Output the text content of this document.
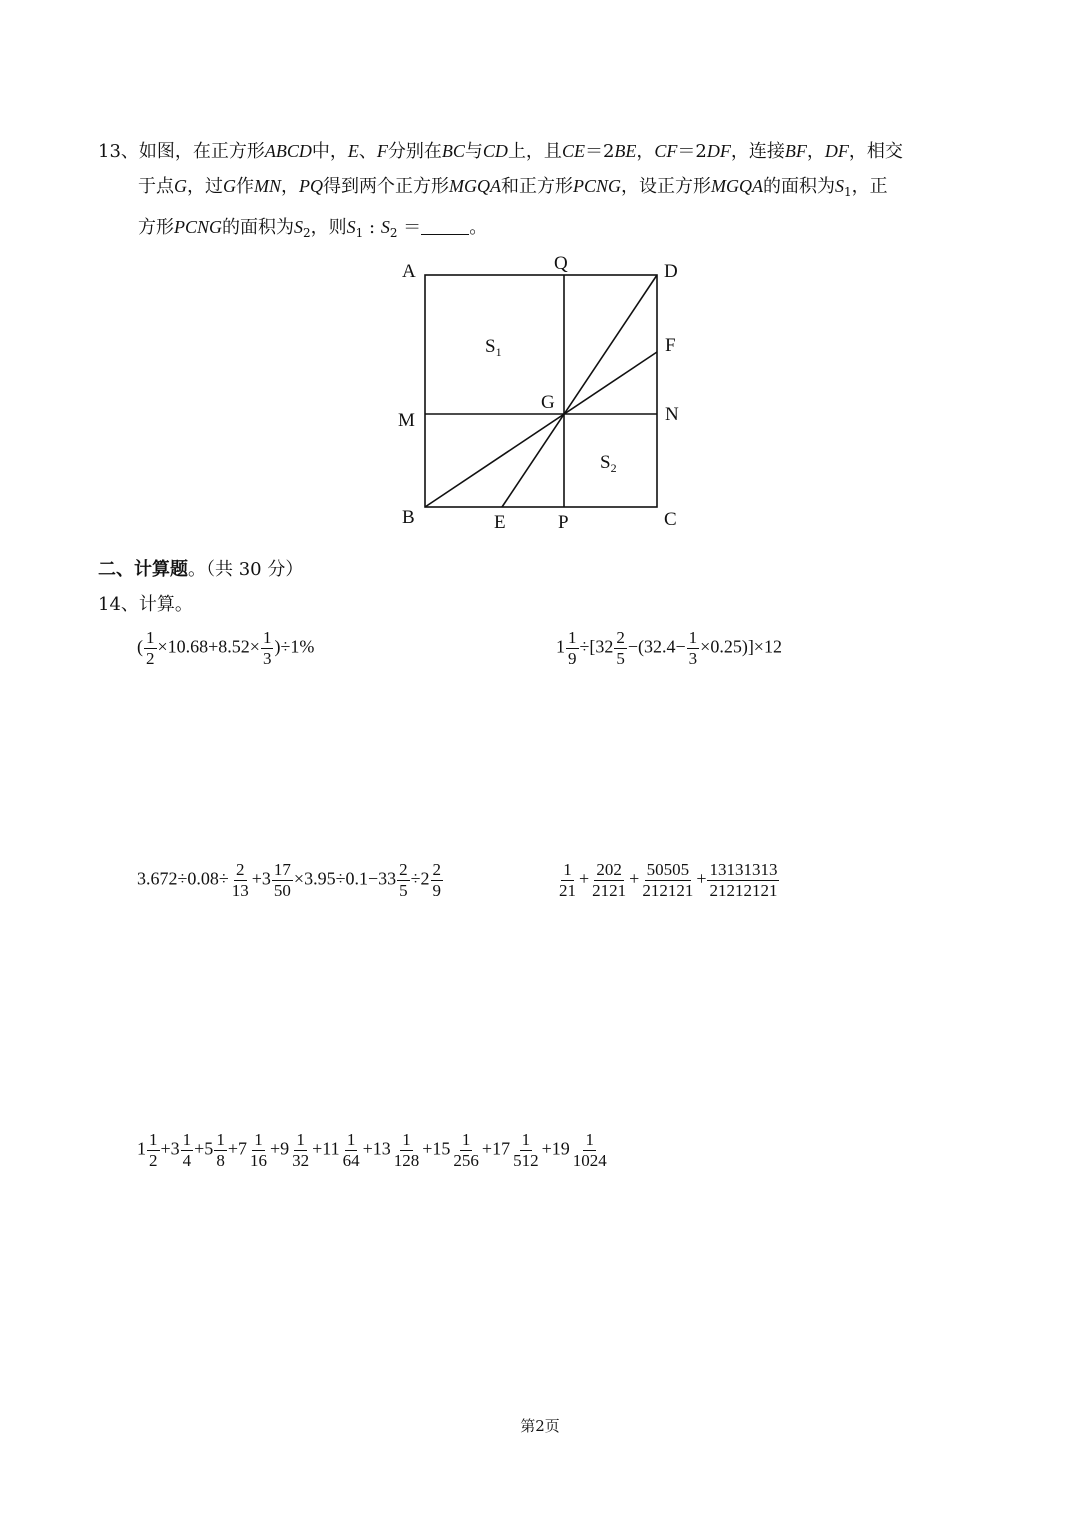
13、如图，在正方形ABCD中，E、F分别在BC与CD上，且CE＝2BE，CF＝2DF，连接BF，DF，相交
于点G，过G作MN，PQ得到两个正方形MGQA和正方形PCNG，设正方形MGQA的面积为$S_1$，正
方形PCNG的面积为$S_2$，则$S_1$ : $S_2$ ＝	。
A	Q	D
F
M
G
N
B	E	P	C
$S_1$
$S_2$
二、计算题。（共 30 分）
14、计算。
( $\frac{1}{2} \times 10.68+8.52\times \frac{1}{3} )\div 1\%$	$1 \frac{1}{9} \div[32 \frac{2}{5} -(32.4- \frac{1}{3} \times 0.25)]\times 12$
$3.672\div 0.08\div \frac{2}{13} +3 \frac{17}{50} \times 3.95\div 0.1-33 \frac{2}{5} \div 2 \frac{2}{9}$	$\frac{1}{21} + \frac{202}{2121} + \frac{50505}{212121} + \frac{13131313}{21212121}$
$1 \frac{1}{2} +3 \frac{1}{4} +5 \frac{1}{8} +7 \frac{1}{16} +9 \frac{1}{32} +11 \frac{1}{64} +13 \frac{1}{128} +15 \frac{1}{256} +17 \frac{1}{512} +19 \frac{1}{1024}$
第2页
